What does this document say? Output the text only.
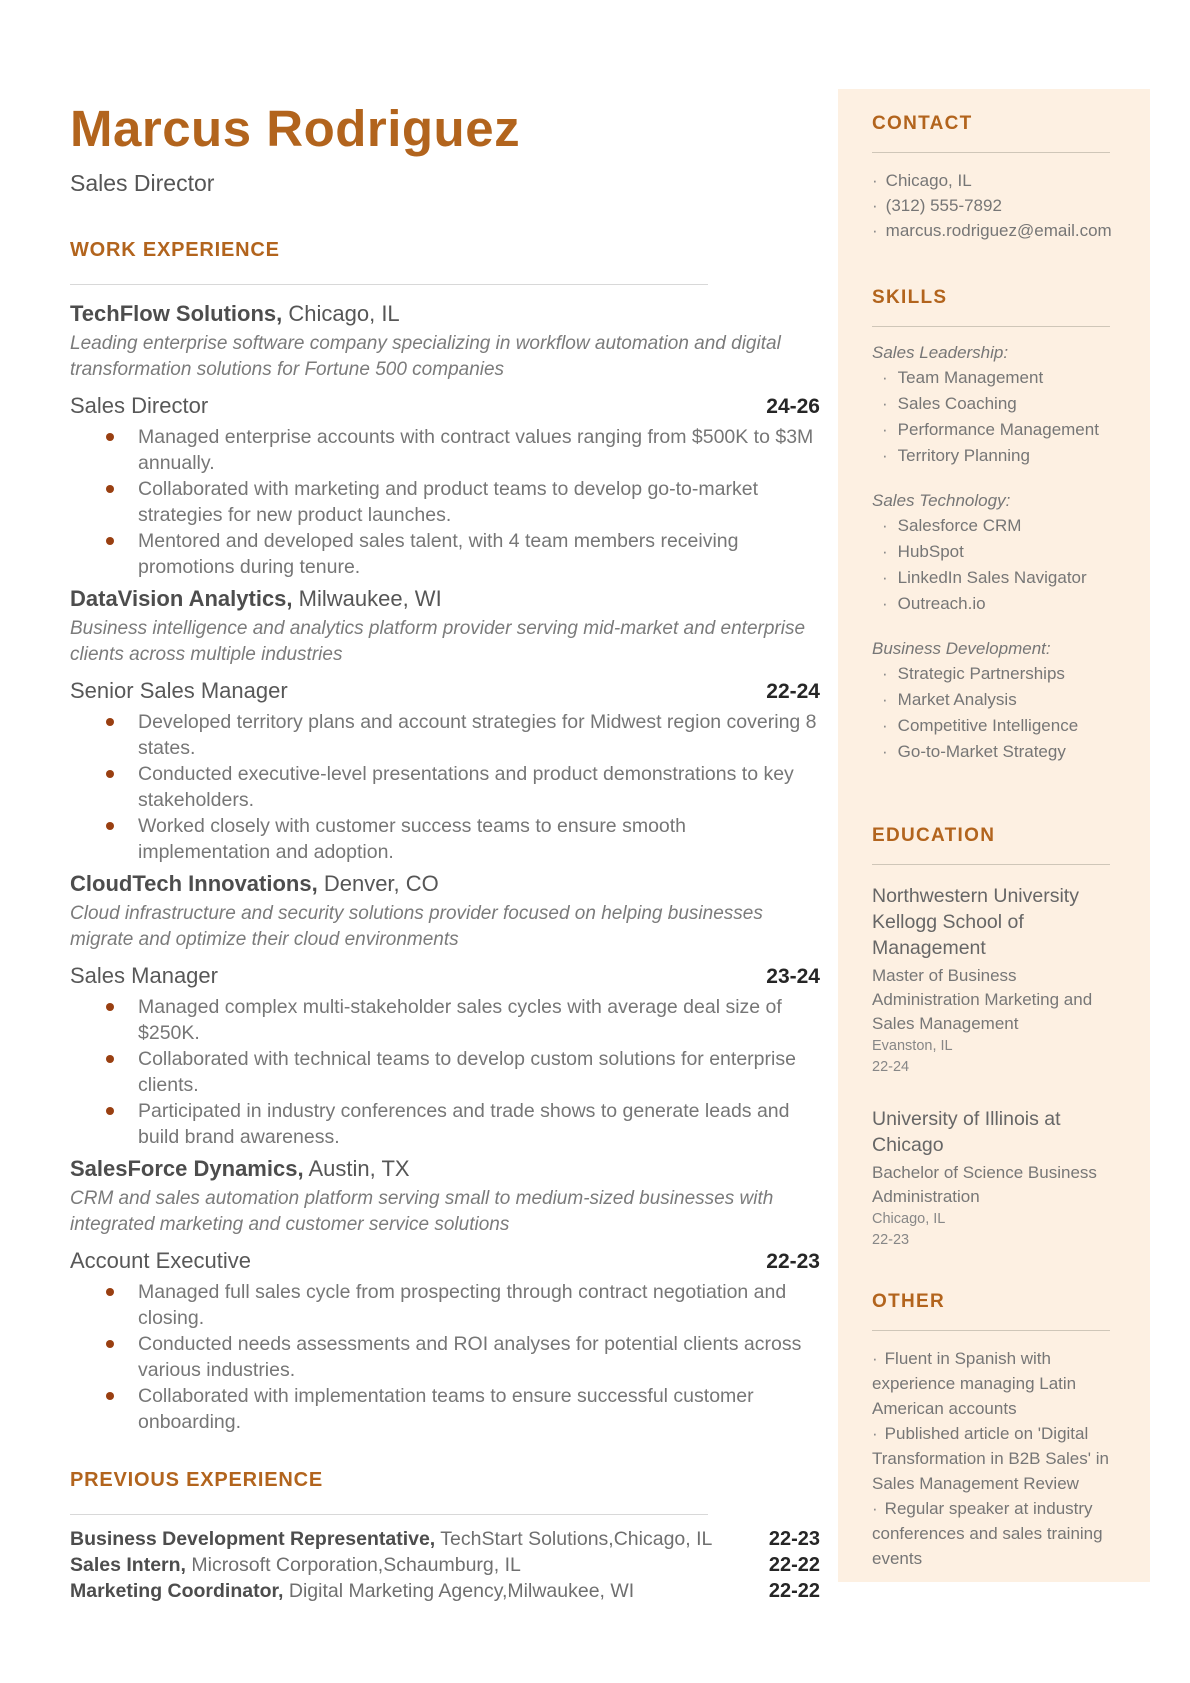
Marcus Rodriguez
Sales Director
WORK EXPERIENCE
TechFlow Solutions, Chicago, IL
Leading enterprise software company specializing in workflow automation and digital transformation solutions for Fortune 500 companies
Sales Director	24-26
Managed enterprise accounts with contract values ranging from $500K to $3M annually.
Collaborated with marketing and product teams to develop go-to-market strategies for new product launches.
Mentored and developed sales talent, with 4 team members receiving promotions during tenure.
DataVision Analytics, Milwaukee, WI
Business intelligence and analytics platform provider serving mid-market and enterprise clients across multiple industries
Senior Sales Manager	22-24
Developed territory plans and account strategies for Midwest region covering 8 states.
Conducted executive-level presentations and product demonstrations to key stakeholders.
Worked closely with customer success teams to ensure smooth implementation and adoption.
CloudTech Innovations, Denver, CO
Cloud infrastructure and security solutions provider focused on helping businesses migrate and optimize their cloud environments
Sales Manager	23-24
Managed complex multi-stakeholder sales cycles with average deal size of $250K.
Collaborated with technical teams to develop custom solutions for enterprise clients.
Participated in industry conferences and trade shows to generate leads and build brand awareness.
SalesForce Dynamics, Austin, TX
CRM and sales automation platform serving small to medium-sized businesses with integrated marketing and customer service solutions
Account Executive	22-23
Managed full sales cycle from prospecting through contract negotiation and closing.
Conducted needs assessments and ROI analyses for potential clients across various industries.
Collaborated with implementation teams to ensure successful customer onboarding.
PREVIOUS EXPERIENCE
Business Development Representative, TechStart Solutions,Chicago, IL	22-23
Sales Intern, Microsoft Corporation,Schaumburg, IL	22-22
Marketing Coordinator, Digital Marketing Agency,Milwaukee, WI	22-22
CONTACT
· Chicago, IL
· (312) 555-7892
· marcus.rodriguez@email.com
SKILLS
Sales Leadership:
· Team Management
· Sales Coaching
· Performance Management
· Territory Planning
Sales Technology:
· Salesforce CRM
· HubSpot
· LinkedIn Sales Navigator
· Outreach.io
Business Development:
· Strategic Partnerships
· Market Analysis
· Competitive Intelligence
· Go-to-Market Strategy
EDUCATION
Northwestern University Kellogg School of Management
Master of Business Administration Marketing and Sales Management
Evanston, IL
22-24
University of Illinois at Chicago
Bachelor of Science Business Administration
Chicago, IL
22-23
OTHER
· Fluent in Spanish with experience managing Latin American accounts
· Published article on 'Digital Transformation in B2B Sales' in Sales Management Review
· Regular speaker at industry conferences and sales training events
